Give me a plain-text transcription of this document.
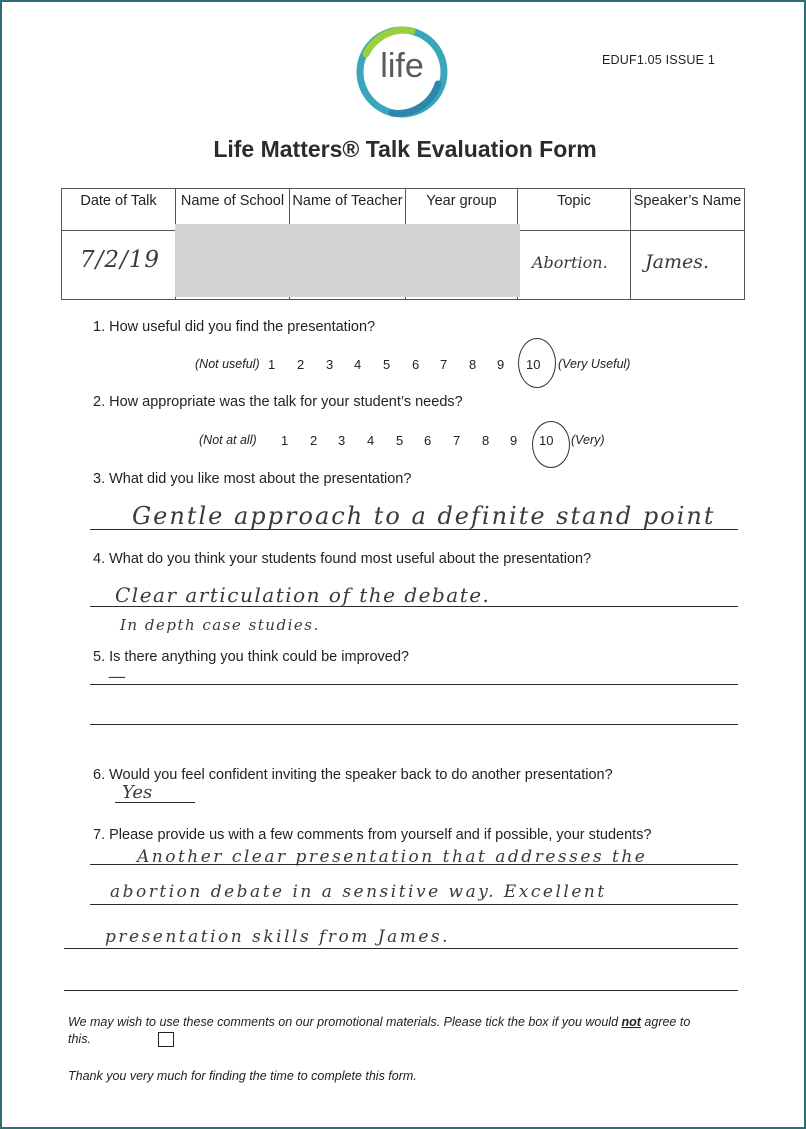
life	EDUF1.05 ISSUE 1
Life Matters® Talk Evaluation Form
Date of Talk	Name of School	Name of Teacher	Year group	Topic	Speaker’s Name

7/2/19				Abortion.	James.
1. How useful did you find the presentation?
(Not useful) 1 2 3 4 5 6 7 8 9 10 (Very Useful)
2. How appropriate was the talk for your student’s needs?
(Not at all) 1 2 3 4 5 6 7 8 9 10 (Very)
3. What did you like most about the presentation?
Gentle approach to a definite stand point
4. What do you think your students found most useful about the presentation?
Clear articulation of the debate.
In depth case studies.
5. Is there anything you think could be improved?
—
6. Would you feel confident inviting the speaker back to do another presentation?
Yes
7. Please provide us with a few comments from yourself and if possible, your students?
Another clear presentation that addresses the
abortion debate in a sensitive way. Excellent
presentation skills from James.
We may wish to use these comments on our promotional materials. Please tick the box if you would not agree to
this.
Thank you very much for finding the time to complete this form.
